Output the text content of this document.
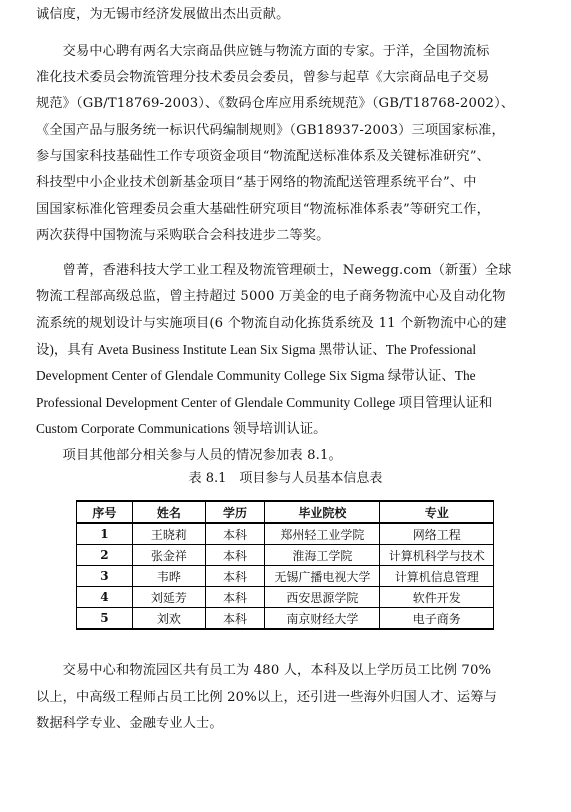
诚信度，为无锡市经济发展做出杰出贡献。
　　交易中心聘有两名大宗商品供应链与物流方面的专家。于洋，全国物流标
准化技术委员会物流管理分技术委员会委员，曾参与起草《大宗商品电子交易
规范》（GB/T18769-2003）、《数码仓库应用系统规范》（GB/T18768-2002）、
《全国产品与服务统一标识代码编制规则》（GB18937-2003）三项国家标准，
参与国家科技基础性工作专项资金项目“物流配送标准体系及关键标准研究”、
科技型中小企业技术创新基金项目“基于网络的物流配送管理系统平台”、中
国国家标准化管理委员会重大基础性研究项目“物流标准体系表”等研究工作，
两次获得中国物流与采购联合会科技进步二等奖。
　　曾菁，香港科技大学工业工程及物流管理硕士，Newegg.com（新蛋）全球
物流工程部高级总监，曾主持超过 5000 万美金的电子商务物流中心及自动化物
流系统的规划设计与实施项目(6 个物流自动化拣货系统及 11 个新物流中心的建
设)，具有 Aveta Business Institute Lean Six Sigma 黑带认证、The Professional
Development Center of Glendale Community College Six Sigma 绿带认证、The
Professional Development Center of Glendale Community College 项目管理认证和
Custom Corporate Communications 领导培训认证。
　　项目其他部分相关参与人员的情况参加表 8.1。
表 8.1　项目参与人员基本信息表
序号	姓名	学历	毕业院校	专业
1	王晓莉	本科	郑州轻工业学院	网络工程
2	张金祥	本科	淮海工学院	计算机科学与技术
3	韦晔	本科	无锡广播电视大学	计算机信息管理
4	刘延芳	本科	西安思源学院	软件开发
5	刘欢	本科	南京财经大学	电子商务
　　交易中心和物流园区共有员工为 480 人，本科及以上学历员工比例 70%
以上，中高级工程师占员工比例 20%以上，还引进一些海外归国人才、运筹与
数据科学专业、金融专业人士。
